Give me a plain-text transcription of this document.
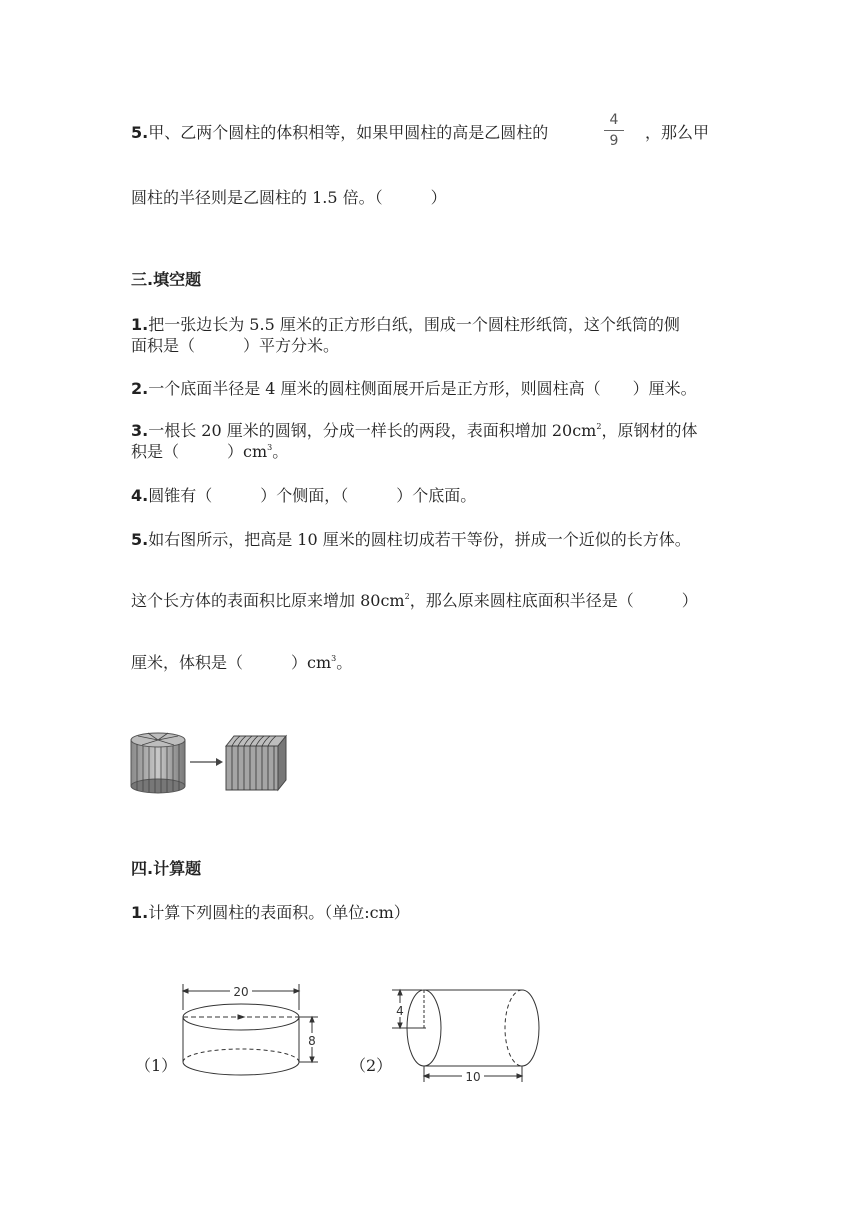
5.甲、乙两个圆柱的体积相等，如果甲圆柱的高是乙圆柱的
4
9	，那么甲
圆柱的半径则是乙圆柱的 1.5 倍。（　　　）
三.填空题
1.把一张边长为 5.5 厘米的正方形白纸，围成一个圆柱形纸筒，这个纸筒的侧
面积是（　　　）平方分米。
2.一个底面半径是 4 厘米的圆柱侧面展开后是正方形，则圆柱高（　　）厘米。
3.一根长 20 厘米的圆钢，分成一样长的两段，表面积增加 $20cm^2$，原钢材的体
积是（　　　）$cm^3$。
4.圆锥有（　　　）个侧面，（　　　）个底面。
5.如右图所示，把高是 10 厘米的圆柱切成若干等份，拼成一个近似的长方体。
这个长方体的表面积比原来增加 $80cm^2$，那么原来圆柱底面积半径是（　　　）
厘米，体积是（　　　）$cm^3$。
四.计算题
1.计算下列圆柱的表面积。（单位:cm）
（1）
20
8
（2）
4
10
